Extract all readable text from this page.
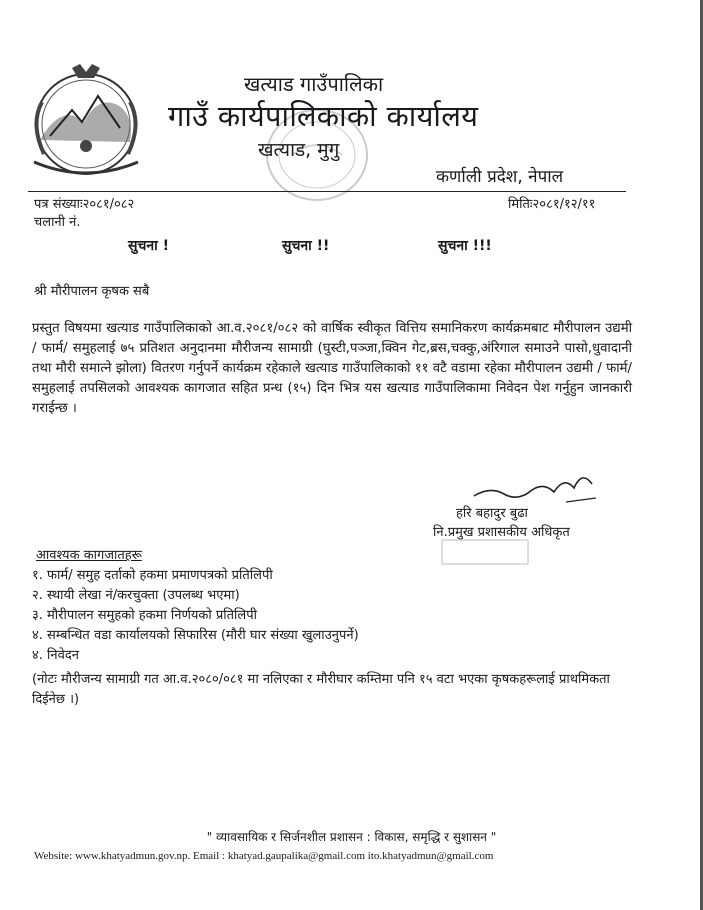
खत्याड गाउँपालिका
गाउँ कार्यपालिकाको कार्यालय
खत्याड, मुगु
कर्णाली प्रदेश, नेपाल
पत्र संख्याः२०८१/०८२
चलानी नं.
मितिः२०८१/१२/११
सुचना !	सुचना !!	सुचना !!!
श्री मौरीपालन कृषक सबै
प्रस्तुत विषयमा खत्याड गाउँपालिकाको आ.व.२०८१/०८२ को वार्षिक स्वीकृत वित्तिय समानिकरण कार्यक्रमबाट मौरीपालन उद्यमी / फार्म/ समुहलाई ७५ प्रतिशत अनुदानमा मौरीजन्य सामाग्री (घुस्टी,पञ्‍जा,क्विन गेट,ब्रस,चक्कु,अंरिगाल समाउने पासो,धुवादानी तथा मौरी समात्ने झोला) वितरण गर्नुपर्ने कार्यक्रम रहेकाले खत्याड गाउँपालिकाको ११ वटै वडामा रहेका मौरीपालन उद्यमी / फार्म/ समुहलाई तपसिलको आवश्यक कागजात सहित प्रन्ध (१५) दिन भित्र यस खत्याड गाउँपालिकामा निवेदन पेश गर्नुहुन जानकारी गराईन्छ ।
हरि बहादुर बुढा
नि.प्रमुख प्रशासकीय अधिकृत
आवश्यक कागजातहरू
१. फार्म/ समुह दर्ताको हकमा प्रमाणपत्रको प्रतिलिपी
२. स्थायी लेखा नं/करचुक्ता (उपलब्ध भएमा)
३. मौरीपालन समुहको हकमा निर्णयको प्रतिलिपी
४. सम्बन्धित वडा कार्यालयको सिफारिस (मौरी घार संख्या खुलाउनुपर्ने)
४. निवेदन
(नोटः मौरीजन्य सामाग्री गत आ.व.२०८०/०८१ मा नलिएका र मौरीघार कम्तिमा पनि १५ वटा भएका कृषकहरूलाई प्राथमिकता दिईनेछ ।)
" व्यावसायिक र सिर्जनशील प्रशासन : विकास, समृद्धि र सुशासन "
Website: www.khatyadmun.gov.np. Email : khatyad.gaupalika@gmail.com ito.khatyadmun@gmail.com
